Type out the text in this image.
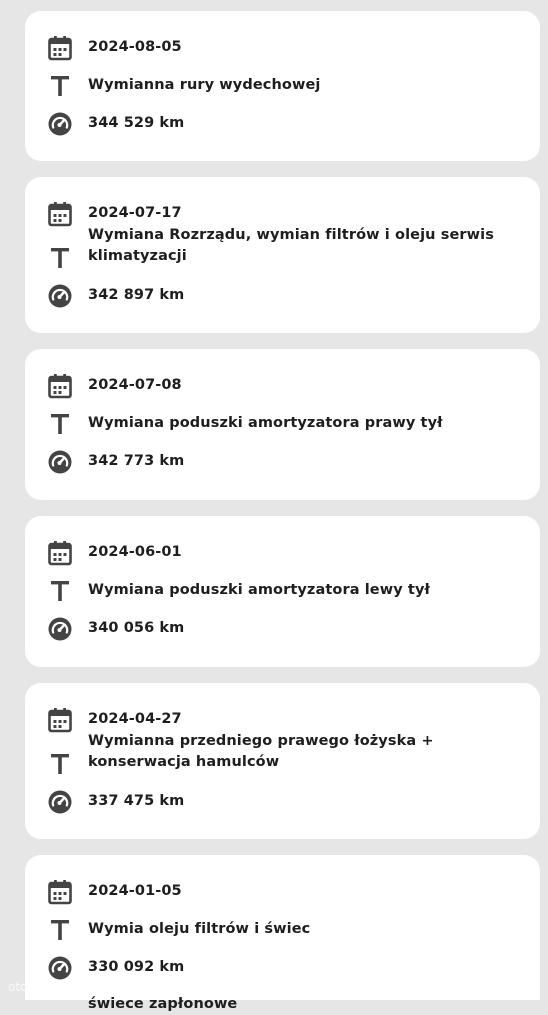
2024-08-05
Wymianna rury wydechowej
344 529 km
2024-07-17
Wymiana Rozrządu, wymian filtrów i oleju serwis klimatyzacji
342 897 km
2024-07-08
Wymiana poduszki amortyzatora prawy tył
342 773 km
2024-06-01
Wymiana poduszki amortyzatora lewy tył
340 056 km
2024-04-27
Wymianna przedniego prawego łożyska + konserwacja hamulców
337 475 km
2024-01-05
Wymia oleju filtrów i świec
330 092 km
świece zapłonowe
otomoto
